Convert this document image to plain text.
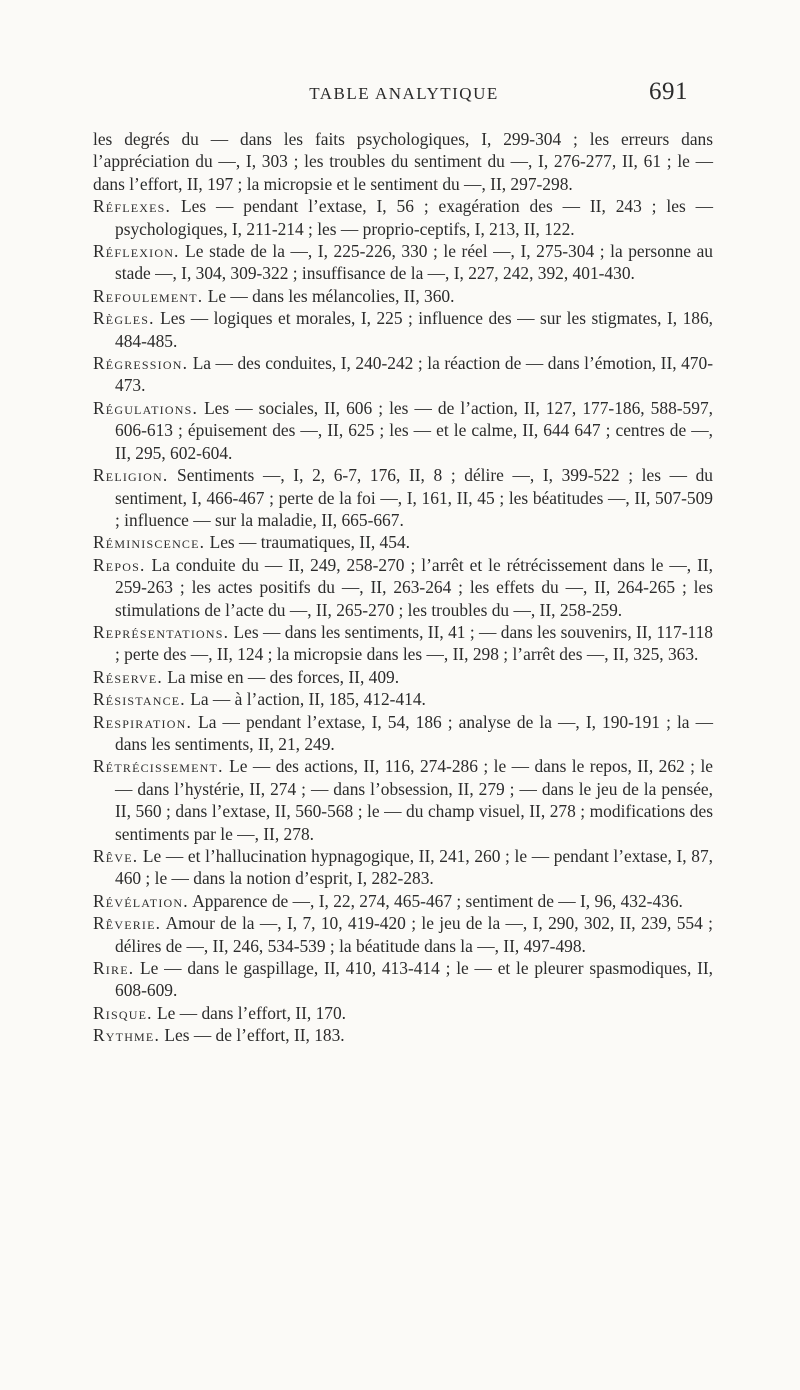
TABLE ANALYTIQUE	691

les degrés du — dans les faits psychologiques, I, 299-304 ; les erreurs dans l’appréciation du —, I, 303 ; les troubles du sentiment du —, I, 276-277, II, 61 ; le — dans l’effort, II, 197 ; la micropsie et le sentiment du —, II, 297-298.

Réflexes. Les — pendant l’extase, I, 56 ; exagération des — II, 243 ; les — psychologiques, I, 211-214 ; les — proprio-ceptifs, I, 213, II, 122.

Réflexion. Le stade de la —, I, 225-226, 330 ; le réel —, I, 275-304 ; la personne au stade —, I, 304, 309-322 ; insuffisance de la —, I, 227, 242, 392, 401-430.

Refoulement. Le — dans les mélancolies, II, 360.

Règles. Les — logiques et morales, I, 225 ; influence des — sur les stigmates, I, 186, 484-485.

Régression. La — des conduites, I, 240-242 ; la réaction de — dans l’émotion, II, 470-473.

Régulations. Les — sociales, II, 606 ; les — de l’action, II, 127, 177-186, 588-597, 606-613 ; épuisement des —, II, 625 ; les — et le calme, II, 644 647 ; centres de —, II, 295, 602-604.

Religion. Sentiments —, I, 2, 6-7, 176, II, 8 ; délire —, I, 399-522 ; les — du sentiment, I, 466-467 ; perte de la foi —, I, 161, II, 45 ; les béatitudes —, II, 507-509 ; influence — sur la maladie, II, 665-667.

Réminiscence. Les — traumatiques, II, 454.

Repos. La conduite du — II, 249, 258-270 ; l’arrêt et le rétrécissement dans le —, II, 259-263 ; les actes positifs du —, II, 263-264 ; les effets du —, II, 264-265 ; les stimulations de l’acte du —, II, 265-270 ; les troubles du —, II, 258-259.

Représentations. Les — dans les sentiments, II, 41 ; — dans les souvenirs, II, 117-118 ; perte des —, II, 124 ; la micropsie dans les —, II, 298 ; l’arrêt des —, II, 325, 363.

Réserve. La mise en — des forces, II, 409.

Résistance. La — à l’action, II, 185, 412-414.

Respiration. La — pendant l’extase, I, 54, 186 ; analyse de la —, I, 190-191 ; la — dans les sentiments, II, 21, 249.

Rétrécissement. Le — des actions, II, 116, 274-286 ; le — dans le repos, II, 262 ; le — dans l’hystérie, II, 274 ; — dans l’obsession, II, 279 ; — dans le jeu de la pensée, II, 560 ; dans l’extase, II, 560-568 ; le — du champ visuel, II, 278 ; modifications des sentiments par le —, II, 278.

Rêve. Le — et l’hallucination hypnagogique, II, 241, 260 ; le — pendant l’extase, I, 87, 460 ; le — dans la notion d’esprit, I, 282-283.

Révélation. Apparence de —, I, 22, 274, 465-467 ; sentiment de — I, 96, 432-436.

Rêverie. Amour de la —, I, 7, 10, 419-420 ; le jeu de la —, I, 290, 302, II, 239, 554 ; délires de —, II, 246, 534-539 ; la béatitude dans la —, II, 497-498.

Rire. Le — dans le gaspillage, II, 410, 413-414 ; le — et le pleurer spasmodiques, II, 608-609.

Risque. Le — dans l’effort, II, 170.

Rythme. Les — de l’effort, II, 183.
